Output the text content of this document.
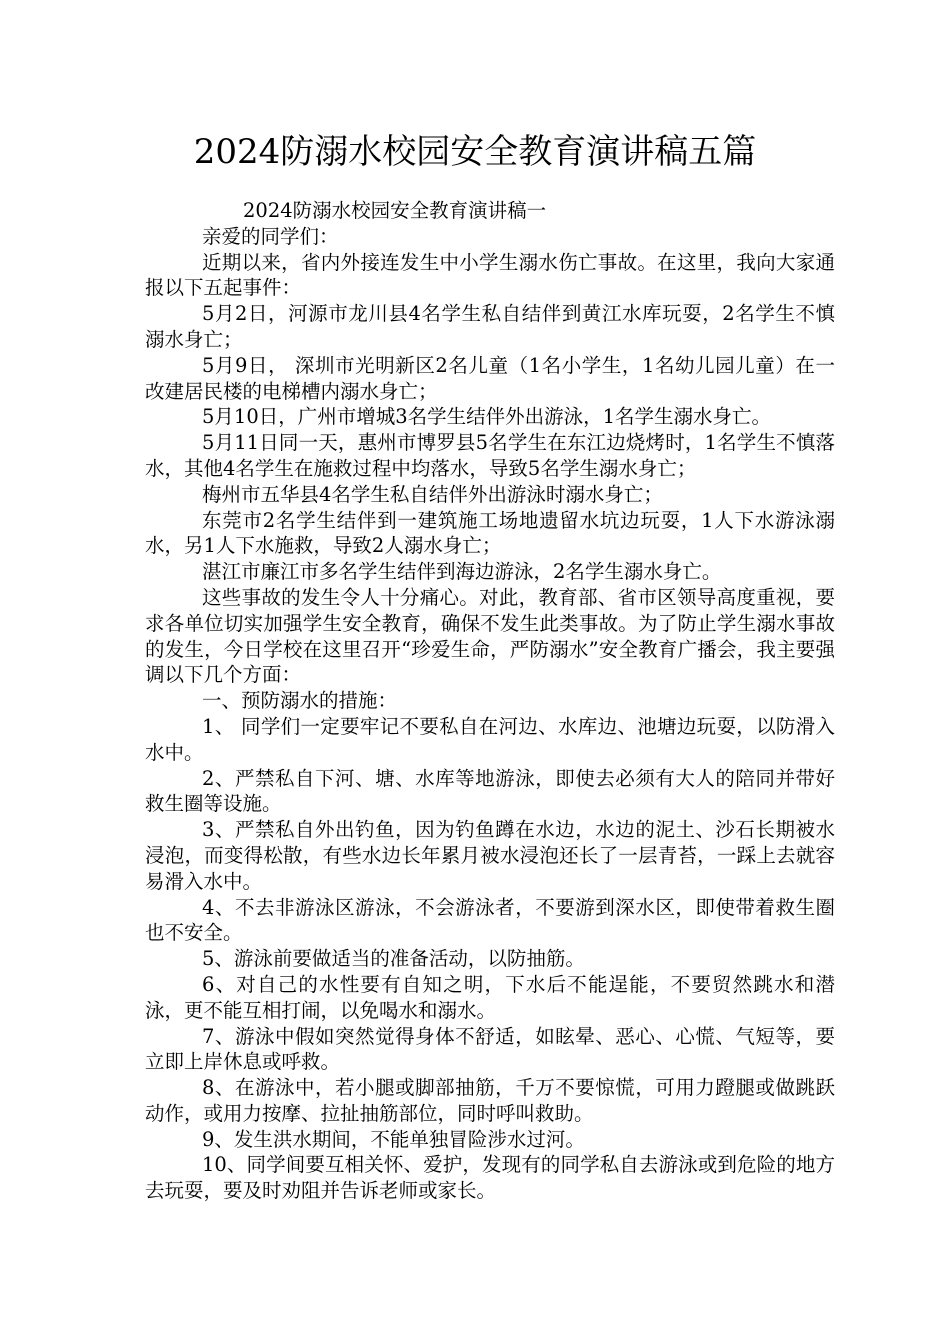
2024防溺水校园安全教育演讲稿五篇

2024防溺水校园安全教育演讲稿一

亲爱的同学们：

近期以来，省内外接连发生中小学生溺水伤亡事故。在这里，我向大家通报以下五起事件：

5月2日，河源市龙川县4名学生私自结伴到黄江水库玩耍，2名学生不慎溺水身亡；

5月9日， 深圳市光明新区2名儿童（1名小学生，1名幼儿园儿童）在一改建居民楼的电梯槽内溺水身亡；

5月10日，广州市增城3名学生结伴外出游泳，1名学生溺水身亡。

5月11日同一天，惠州市博罗县5名学生在东江边烧烤时，1名学生不慎落水，其他4名学生在施救过程中均落水，导致5名学生溺水身亡；

梅州市五华县4名学生私自结伴外出游泳时溺水身亡；

东莞市2名学生结伴到一建筑施工场地遗留水坑边玩耍，1人下水游泳溺水，另1人下水施救，导致2人溺水身亡；

湛江市廉江市多名学生结伴到海边游泳，2名学生溺水身亡。

这些事故的发生令人十分痛心。对此，教育部、省市区领导高度重视，要求各单位切实加强学生安全教育，确保不发生此类事故。为了防止学生溺水事故的发生，今日学校在这里召开“珍爱生命，严防溺水”安全教育广播会，我主要强调以下几个方面：

一、预防溺水的措施：

1、 同学们一定要牢记不要私自在河边、水库边、池塘边玩耍，以防滑入水中。

2、严禁私自下河、塘、水库等地游泳，即使去必须有大人的陪同并带好救生圈等设施。

3、严禁私自外出钓鱼，因为钓鱼蹲在水边，水边的泥土、沙石长期被水浸泡，而变得松散，有些水边长年累月被水浸泡还长了一层青苔，一踩上去就容易滑入水中。

4、不去非游泳区游泳，不会游泳者，不要游到深水区，即使带着救生圈也不安全。

5、游泳前要做适当的准备活动，以防抽筋。

6、对自己的水性要有自知之明，下水后不能逞能，不要贸然跳水和潜泳，更不能互相打闹，以免喝水和溺水。

7、游泳中假如突然觉得身体不舒适，如眩晕、恶心、心慌、气短等，要立即上岸休息或呼救。

8、在游泳中，若小腿或脚部抽筋，千万不要惊慌，可用力蹬腿或做跳跃动作，或用力按摩、拉扯抽筋部位，同时呼叫救助。

9、发生洪水期间，不能单独冒险涉水过河。

10、同学间要互相关怀、爱护，发现有的同学私自去游泳或到危险的地方去玩耍，要及时劝阻并告诉老师或家长。
